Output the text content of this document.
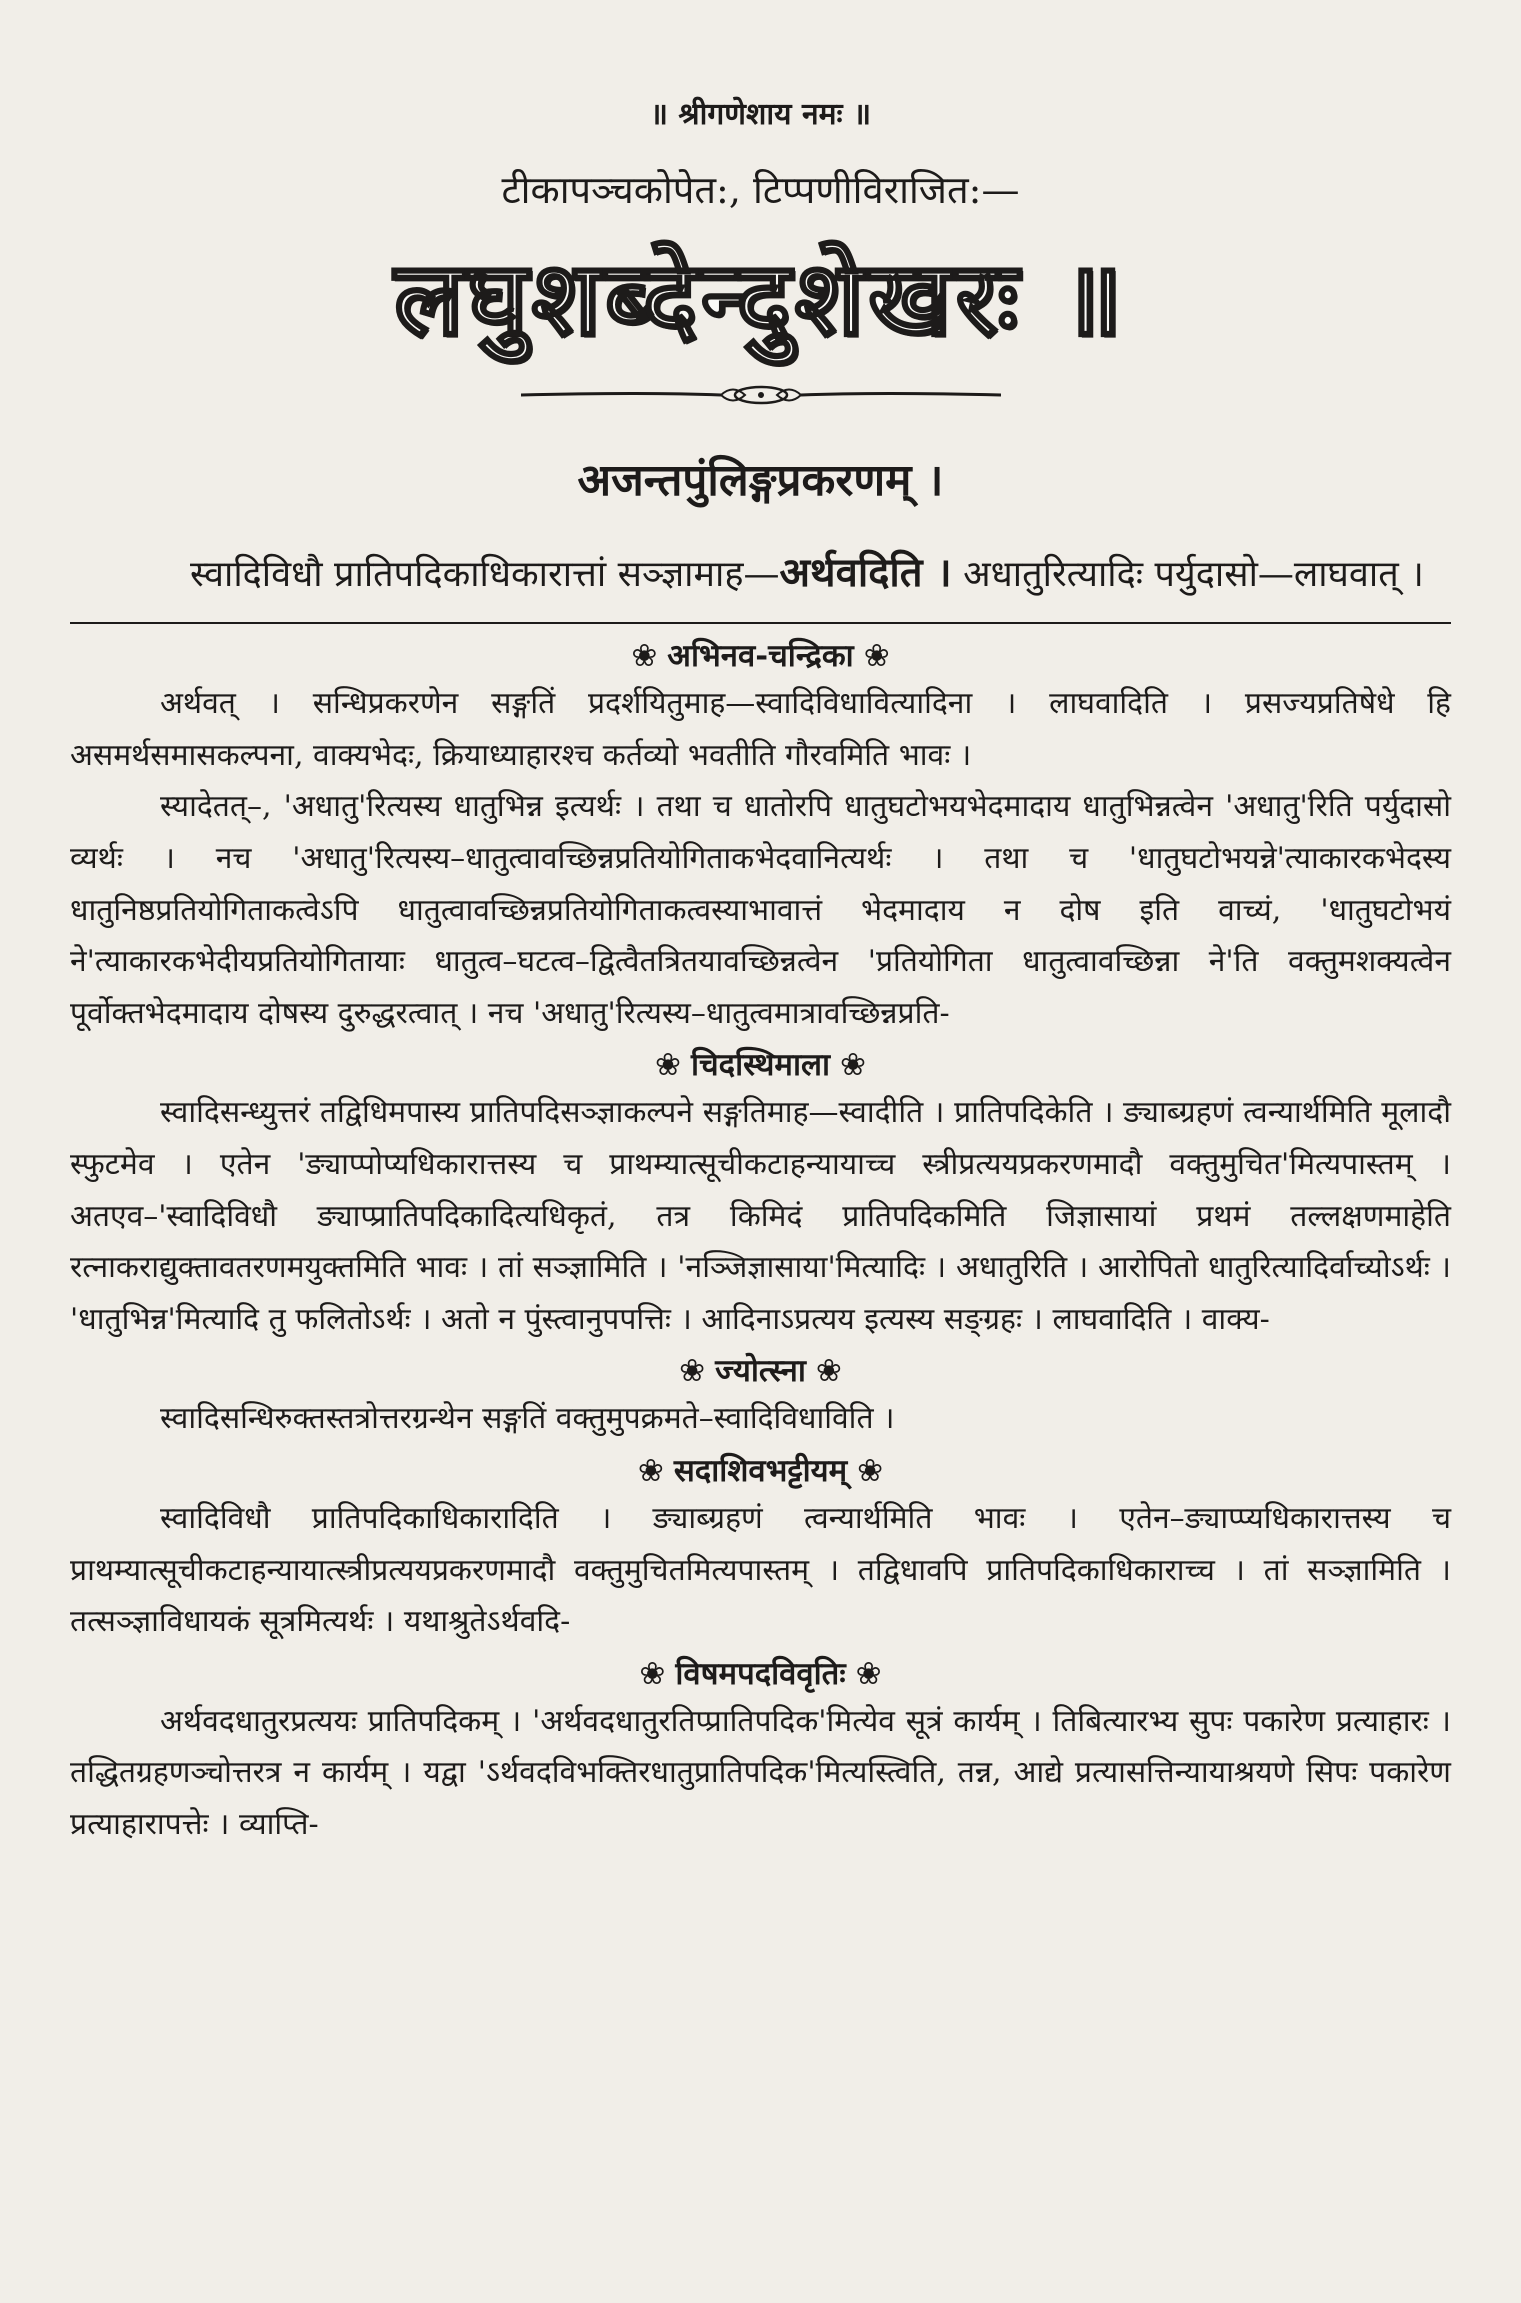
॥ श्रीगणेशाय नमः ॥
टीकापञ्चकोपेत:, टिप्पणीविराजित:—
लघुशब्देन्दुशेखरः ॥
अजन्तपुंलिङ्गप्रकरणम् ।

स्वादिविधौ प्रातिपदिकाधिकारात्तां सञ्ज्ञामाह—अर्थवदिति । अधातुरित्यादिः पर्युदासो—लाघवात् ।

❀ अभिनव-चन्द्रिका ❀

अर्थवत् । सन्धिप्रकरणेन सङ्गतिं प्रदर्शयितुमाह—स्वादिविधावित्यादिना । लाघवादिति । प्रसज्यप्रतिषेधे हि असमर्थसमासकल्पना, वाक्यभेदः, क्रियाध्याहारश्च कर्तव्यो भवतीति गौरवमिति भावः ।

स्यादेतत्–, 'अधातु'रित्यस्य धातुभिन्न इत्यर्थः । तथा च धातोरपि धातुघटोभयभेदमादाय धातुभिन्नत्वेन 'अधातु'रिति पर्युदासो व्यर्थः । नच 'अधातु'रित्यस्य–धातुत्वावच्छिन्नप्रतियोगिताकभेदवानित्यर्थः । तथा च 'धातुघटोभयन्ने'त्याकारकभेदस्य धातुनिष्ठप्रतियोगिताकत्वेऽपि धातुत्वावच्छिन्नप्रतियोगिताकत्वस्याभावात्तं भेदमादाय न दोष इति वाच्यं, 'धातुघटोभयं ने'त्याकारकभेदीयप्रतियोगितायाः धातुत्व–घटत्व–द्वित्वैतत्रितयावच्छिन्नत्वेन 'प्रतियोगिता धातुत्वावच्छिन्ना ने'ति वक्तुमशक्यत्वेन पूर्वोक्तभेदमादाय दोषस्य दुरुद्धरत्वात् । नच 'अधातु'रित्यस्य–धातुत्वमात्रावच्छिन्नप्रति-

❀ चिदस्थिमाला ❀

स्वादिसन्ध्युत्तरं तद्विधिमपास्य प्रातिपदिसञ्ज्ञाकल्पने सङ्गतिमाह—स्वादीति । प्रातिपदिकेति । ङ्याब्ग्रहणं त्वन्यार्थमिति मूलादौ स्फुटमेव । एतेन 'ङ्याप्पोप्यधिकारात्तस्य च प्राथम्यात्सूचीकटाहन्यायाच्च स्त्रीप्रत्ययप्रकरणमादौ वक्तुमुचित'मित्यपास्तम् । अतएव–'स्वादिविधौ ङ्याप्प्रातिपदिकादित्यधिकृतं, तत्र किमिदं प्रातिपदिकमिति जिज्ञासायां प्रथमं तल्लक्षणमाहेति रत्नाकराद्युक्तावतरणमयुक्तमिति भावः । तां सञ्ज्ञामिति । 'नञ्जिज्ञासाया'मित्यादिः । अधातुरिति । आरोपितो धातुरित्यादिर्वाच्योऽर्थः । 'धातुभिन्न'मित्यादि तु फलितोऽर्थः । अतो न पुंस्त्वानुपपत्तिः । आदिनाऽप्रत्यय इत्यस्य सङ्ग्रहः । लाघवादिति । वाक्य-

❀ ज्योत्स्ना ❀

स्वादिसन्धिरुक्तस्तत्रोत्तरग्रन्थेन सङ्गतिं वक्तुमुपक्रमते–स्वादिविधाविति ।

❀ सदाशिवभट्टीयम् ❀

स्वादिविधौ प्रातिपदिकाधिकारादिति । ङ्याब्ग्रहणं त्वन्यार्थमिति भावः । एतेन–ङ्याप्प्यधिकारात्तस्य च प्राथम्यात्सूचीकटाहन्यायात्स्त्रीप्रत्ययप्रकरणमादौ वक्तुमुचितमित्यपास्तम् । तद्विधावपि प्रातिपदिकाधिकाराच्च । तां सञ्ज्ञामिति । तत्सञ्ज्ञाविधायकं सूत्रमित्यर्थः । यथाश्रुतेऽर्थवदि-

❀ विषमपदविवृतिः ❀

अर्थवदधातुरप्रत्ययः प्रातिपदिकम् । 'अर्थवदधातुरतिप्प्रातिपदिक'मित्येव सूत्रं कार्यम् । तिबित्यारभ्य सुपः पकारेण प्रत्याहारः । तद्धितग्रहणञ्चोत्तरत्र न कार्यम् । यद्वा 'ऽर्थवदविभक्तिरधातुप्रातिपदिक'मित्यस्त्विति, तन्न, आद्ये प्रत्यासत्तिन्यायाश्रयणे सिपः पकारेण प्रत्याहारापत्तेः । व्याप्ति-
